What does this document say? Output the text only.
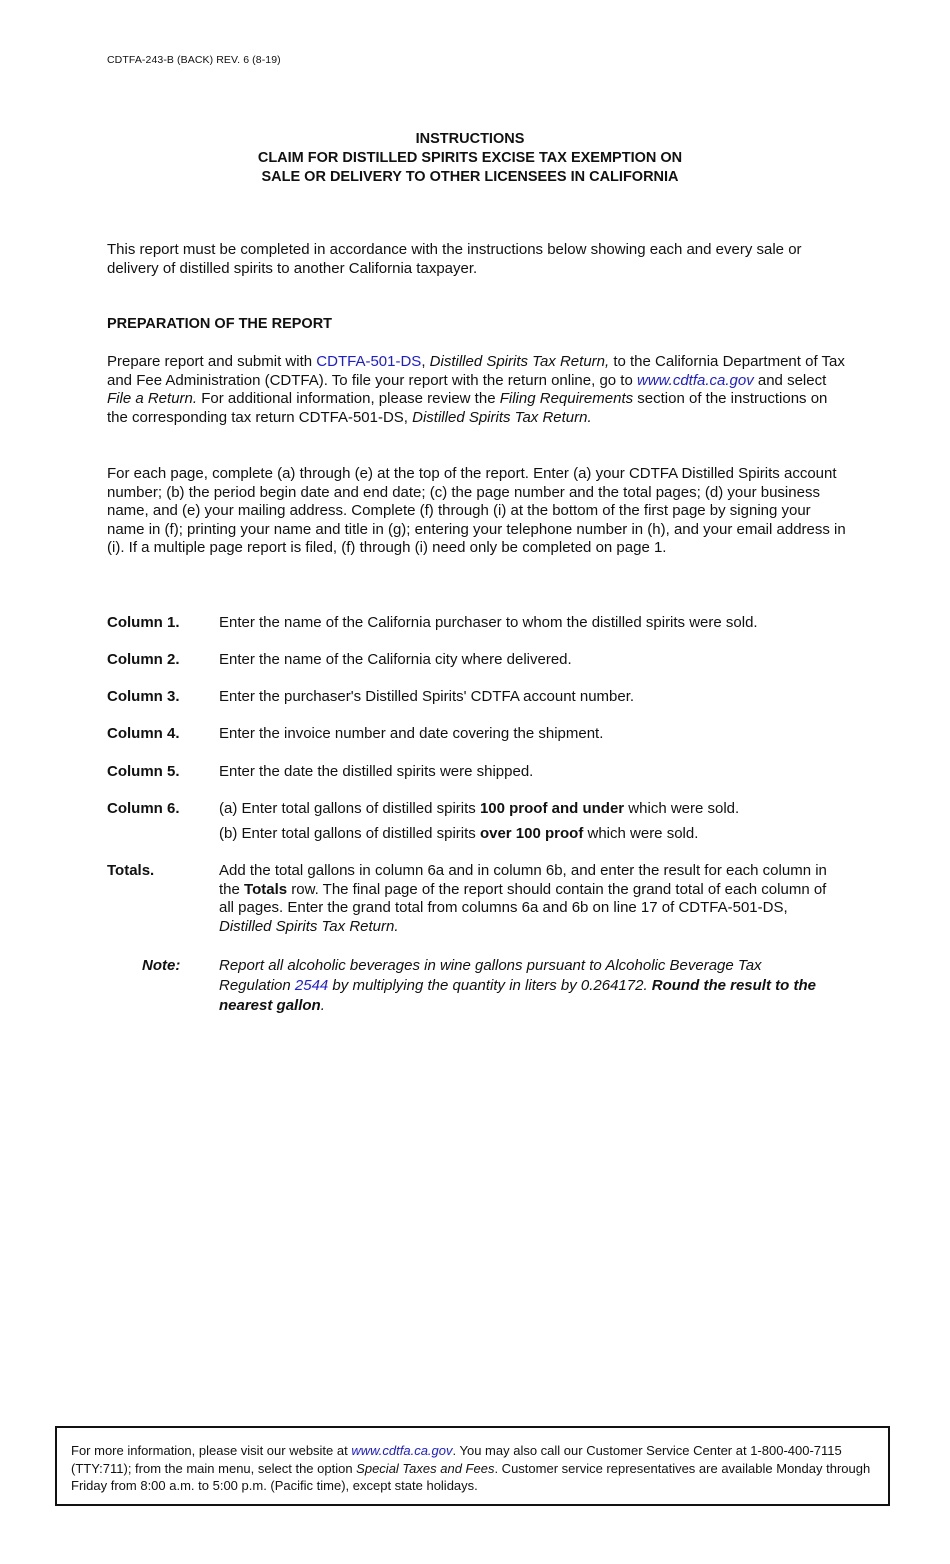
CDTFA-243-B (BACK) REV. 6 (8-19)
INSTRUCTIONS
CLAIM FOR DISTILLED SPIRITS EXCISE TAX EXEMPTION ON
SALE OR DELIVERY TO OTHER LICENSEES IN CALIFORNIA
This report must be completed in accordance with the instructions below showing each and every sale or delivery of distilled spirits to another California taxpayer.
PREPARATION OF THE REPORT
Prepare report and submit with CDTFA-501-DS, Distilled Spirits Tax Return, to the California Department of Tax and Fee Administration (CDTFA). To file your report with the return online, go to www.cdtfa.ca.gov and select File a Return. For additional information, please review the Filing Requirements section of the instructions on the corresponding tax return CDTFA-501-DS, Distilled Spirits Tax Return.
For each page, complete (a) through (e) at the top of the report. Enter (a) your CDTFA Distilled Spirits account number; (b) the period begin date and end date; (c) the page number and the total pages; (d) your business name, and (e) your mailing address. Complete (f) through (i) at the bottom of the first page by signing your name in (f); printing your name and title in (g); entering your telephone number in (h), and your email address in (i). If a multiple page report is filed, (f) through (i) need only be completed on page 1.
Column 1.	Enter the name of the California purchaser to whom the distilled spirits were sold.
Column 2.	Enter the name of the California city where delivered.
Column 3.	Enter the purchaser's Distilled Spirits' CDTFA account number.
Column 4.	Enter the invoice number and date covering the shipment.
Column 5.	Enter the date the distilled spirits were shipped.
Column 6.	(a) Enter total gallons of distilled spirits 100 proof and under which were sold.
(b) Enter total gallons of distilled spirits over 100 proof which were sold.
Totals.	Add the total gallons in column 6a and in column 6b, and enter the result for each column in the Totals row. The final page of the report should contain the grand total of each column of all pages. Enter the grand total from columns 6a and 6b on line 17 of CDTFA-501-DS, Distilled Spirits Tax Return.
Note:	Report all alcoholic beverages in wine gallons pursuant to Alcoholic Beverage Tax Regulation 2544 by multiplying the quantity in liters by 0.264172. Round the result to the nearest gallon.
For more information, please visit our website at www.cdtfa.ca.gov. You may also call our Customer Service Center at 1-800-400-7115 (TTY:711); from the main menu, select the option Special Taxes and Fees. Customer service representatives are available Monday through Friday from 8:00 a.m. to 5:00 p.m. (Pacific time), except state holidays.
